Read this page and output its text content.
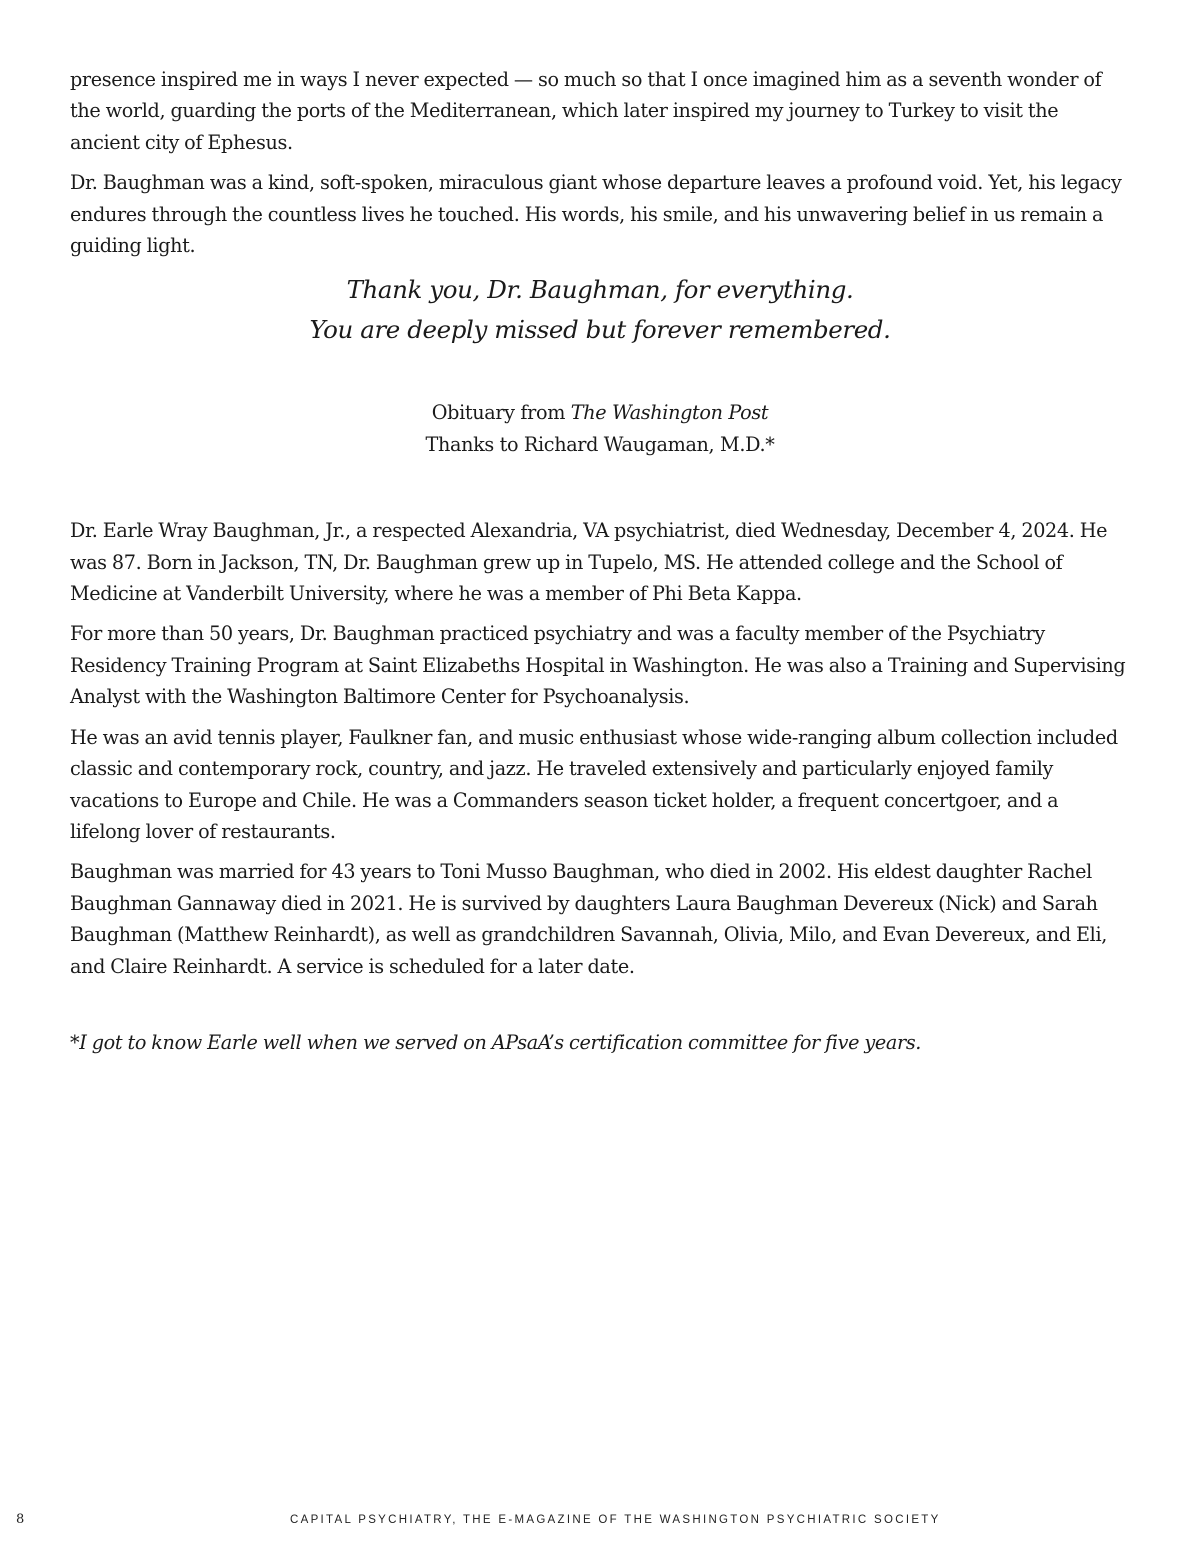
presence inspired me in ways I never expected — so much so that I once imagined him as a seventh wonder of the world, guarding the ports of the Mediterranean, which later inspired my journey to Turkey to visit the ancient city of Ephesus.

Dr. Baughman was a kind, soft-spoken, miraculous giant whose departure leaves a profound void. Yet, his legacy endures through the countless lives he touched. His words, his smile, and his unwavering belief in us remain a guiding light.

Thank you, Dr. Baughman, for everything.
You are deeply missed but forever remembered.
Obituary from The Washington Post
Thanks to Richard Waugaman, M.D.*

Dr. Earle Wray Baughman, Jr., a respected Alexandria, VA psychiatrist, died Wednesday, December 4, 2024. He was 87. Born in Jackson, TN, Dr. Baughman grew up in Tupelo, MS. He attended college and the School of Medicine at Vanderbilt University, where he was a member of Phi Beta Kappa.

For more than 50 years, Dr. Baughman practiced psychiatry and was a faculty member of the Psychiatry Residency Training Program at Saint Elizabeths Hospital in Washington. He was also a Training and Supervising Analyst with the Washington Baltimore Center for Psychoanalysis.

He was an avid tennis player, Faulkner fan, and music enthusiast whose wide-ranging album collection included classic and contemporary rock, country, and jazz. He traveled extensively and particularly enjoyed family vacations to Europe and Chile. He was a Commanders season ticket holder, a frequent concertgoer, and a lifelong lover of restaurants.

Baughman was married for 43 years to Toni Musso Baughman, who died in 2002. His eldest daughter Rachel Baughman Gannaway died in 2021. He is survived by daughters Laura Baughman Devereux (Nick) and Sarah Baughman (Matthew Reinhardt), as well as grandchildren Savannah, Olivia, Milo, and Evan Devereux, and Eli, and Claire Reinhardt. A service is scheduled for a later date.

*I got to know Earle well when we served on APsaA’s certification committee for five years.

8	CAPITAL PSYCHIATRY, THE E-MAGAZINE OF THE WASHINGTON PSYCHIATRIC SOCIETY
